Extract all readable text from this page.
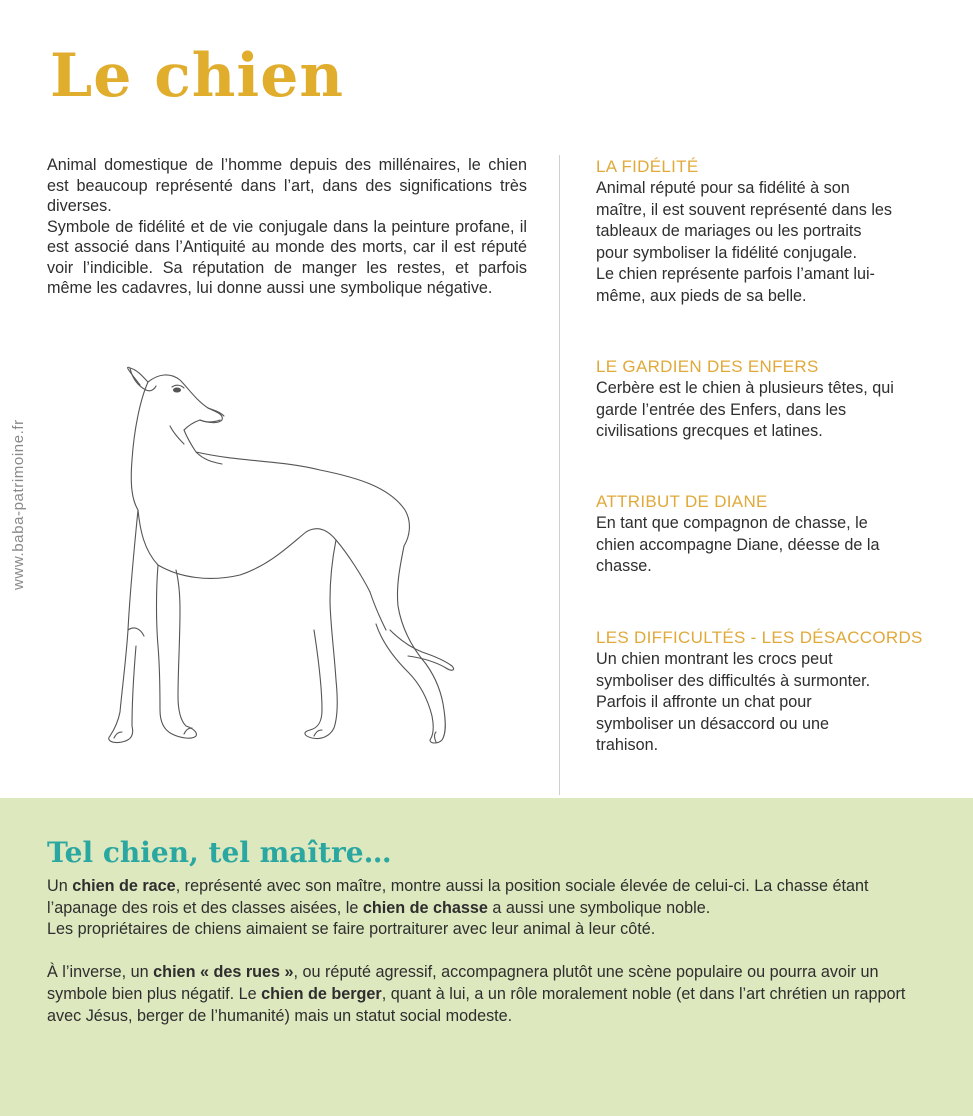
Le chien

Animal domestique de l’homme depuis des millénaires, le chien est beaucoup représenté dans l’art, dans des significations très diverses.

Symbole de fidélité et de vie conjugale dans la peinture profane, il est associé dans l’Antiquité au monde des morts, car il est réputé voir l’indicible. Sa réputation de manger les restes, et parfois même les cadavres, lui donne aussi une symbolique négative.

www.baba-patrimoine.fr
LA FIDÉLITÉ

Animal réputé pour sa fidélité à son

maître, il est souvent représenté dans les

tableaux de mariages ou les portraits

pour symboliser la fidélité conjugale.

Le chien représente parfois l’amant lui-

même, aux pieds de sa belle.

LE GARDIEN DES ENFERS

Cerbère est le chien à plusieurs têtes, qui

garde l’entrée des Enfers, dans les

civilisations grecques et latines.

ATTRIBUT DE DIANE

En tant que compagnon de chasse, le

chien accompagne Diane, déesse de la

chasse.

LES DIFFICULTÉS - LES DÉSACCORDS

Un chien montrant les crocs peut

symboliser des difficultés à surmonter.

Parfois il affronte un chat pour

symboliser un désaccord ou une

trahison.

Tel chien, tel maître…

Un chien de race, représenté avec son maître, montre aussi la position sociale élevée de celui-ci. La chasse étant l’apanage des rois et des classes aisées, le chien de chasse a aussi une symbolique noble.

Les propriétaires de chiens aimaient se faire portraiturer avec leur animal à leur côté.

À l’inverse, un chien « des rues », ou réputé agressif, accompagnera plutôt une scène populaire ou pourra avoir un symbole bien plus négatif. Le chien de berger, quant à lui, a un rôle moralement noble (et dans l’art chrétien un rapport avec Jésus, berger de l’humanité) mais un statut social modeste.
